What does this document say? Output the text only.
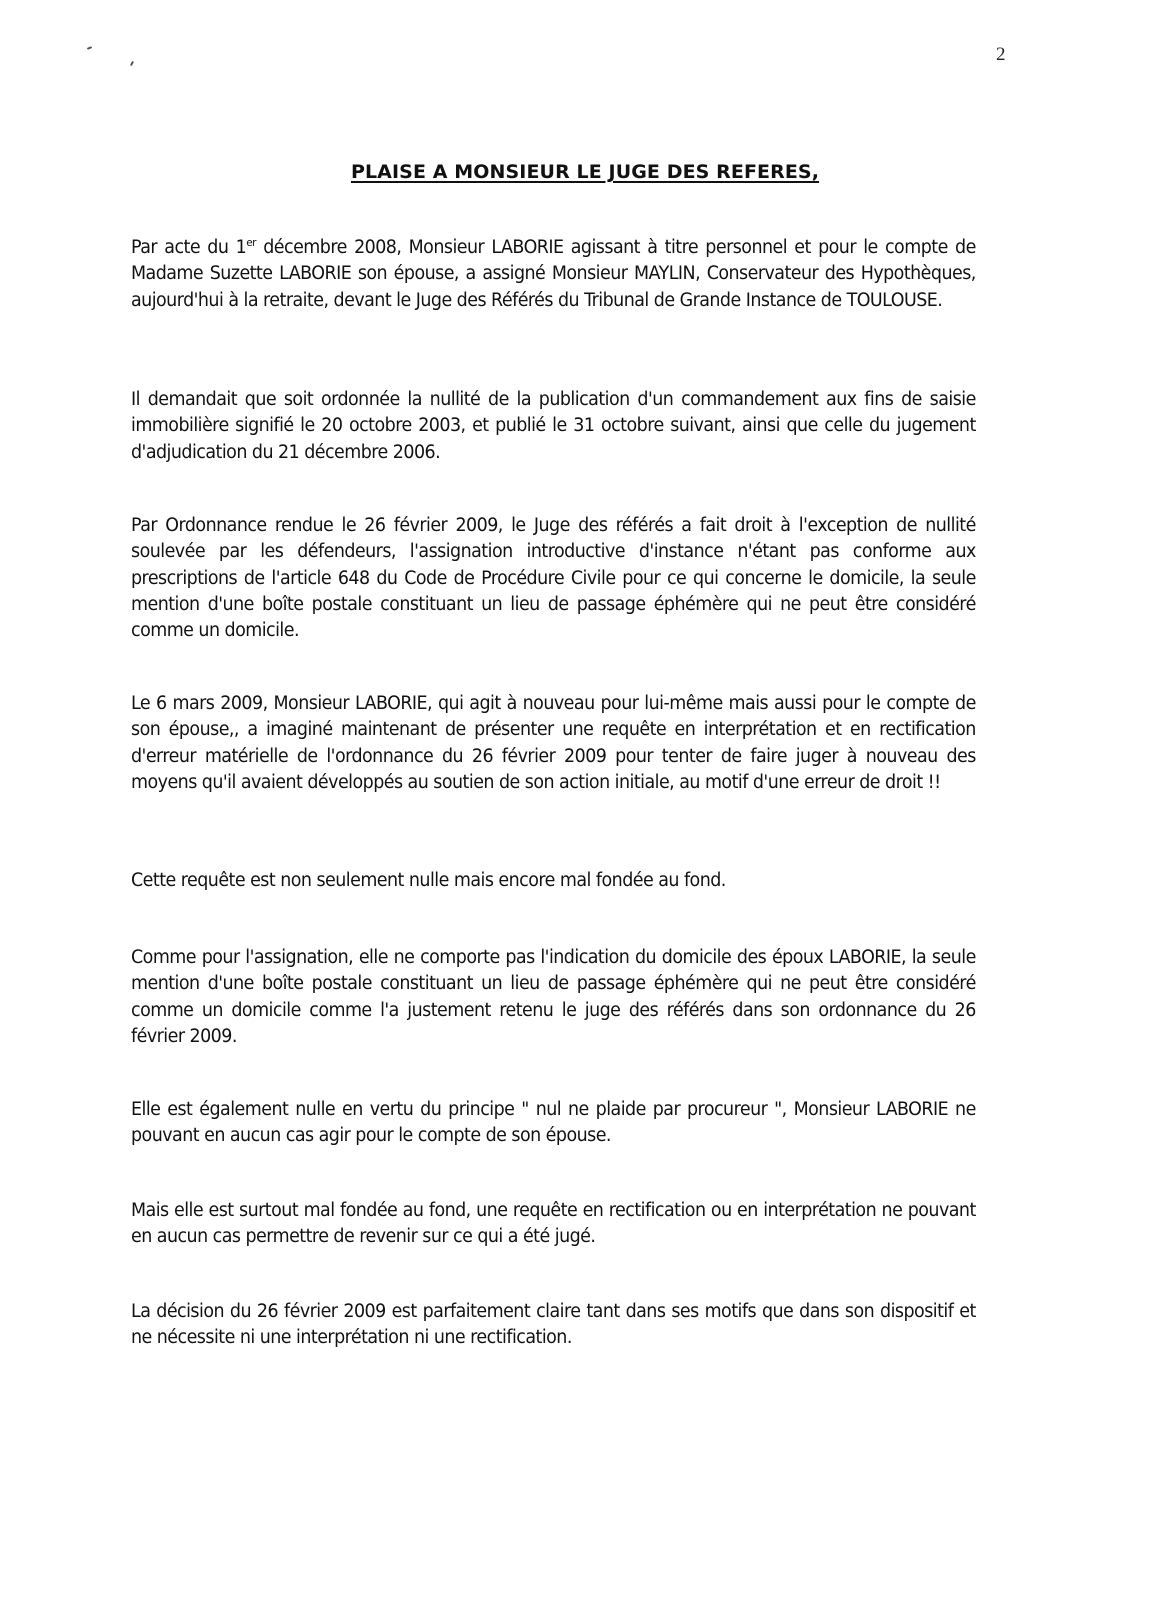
2
PLAISE A MONSIEUR LE JUGE DES REFERES,
Par acte du 1er décembre 2008, Monsieur LABORIE agissant à titre personnel et pour le compte de Madame Suzette LABORIE son épouse, a assigné Monsieur MAYLIN, Conservateur des Hypothèques, aujourd'hui à la retraite, devant le Juge des Référés du Tribunal de Grande Instance de TOULOUSE.
Il demandait que soit ordonnée la nullité de la publication d'un commandement aux fins de saisie immobilière signifié le 20 octobre 2003, et publié le 31 octobre suivant, ainsi que celle du jugement d'adjudication du 21 décembre 2006.
Par Ordonnance rendue le 26 février 2009, le Juge des référés a fait droit à l'exception de nullité soulevée par les défendeurs, l'assignation introductive d'instance n'étant pas conforme aux prescriptions de l'article 648 du Code de Procédure Civile pour ce qui concerne le domicile, la seule mention d'une boîte postale constituant un lieu de passage éphémère qui ne peut être considéré comme un domicile.
Le 6 mars 2009, Monsieur LABORIE, qui agit à nouveau pour lui-même mais aussi pour le compte de son épouse,, a imaginé maintenant de présenter une requête en interprétation et en rectification d'erreur matérielle de l'ordonnance du 26 février 2009 pour tenter de faire juger à nouveau des moyens qu'il avaient développés au soutien de son action initiale, au motif d'une erreur de droit !!
Cette requête est non seulement nulle mais encore mal fondée au fond.
Comme pour l'assignation, elle ne comporte pas l'indication du domicile des époux LABORIE, la seule mention d'une boîte postale constituant un lieu de passage éphémère qui ne peut être considéré comme un domicile comme l'a justement retenu le juge des référés dans son ordonnance du 26 février 2009.
Elle est également nulle en vertu du principe " nul ne plaide par procureur ", Monsieur LABORIE ne pouvant en aucun cas agir pour le compte de son épouse.
Mais elle est surtout mal fondée au fond, une requête en rectification ou en interprétation ne pouvant en aucun cas permettre de revenir sur ce qui a été jugé.
La décision du 26 février 2009 est parfaitement claire tant dans ses motifs que dans son dispositif et ne nécessite ni une interprétation ni une rectification.
